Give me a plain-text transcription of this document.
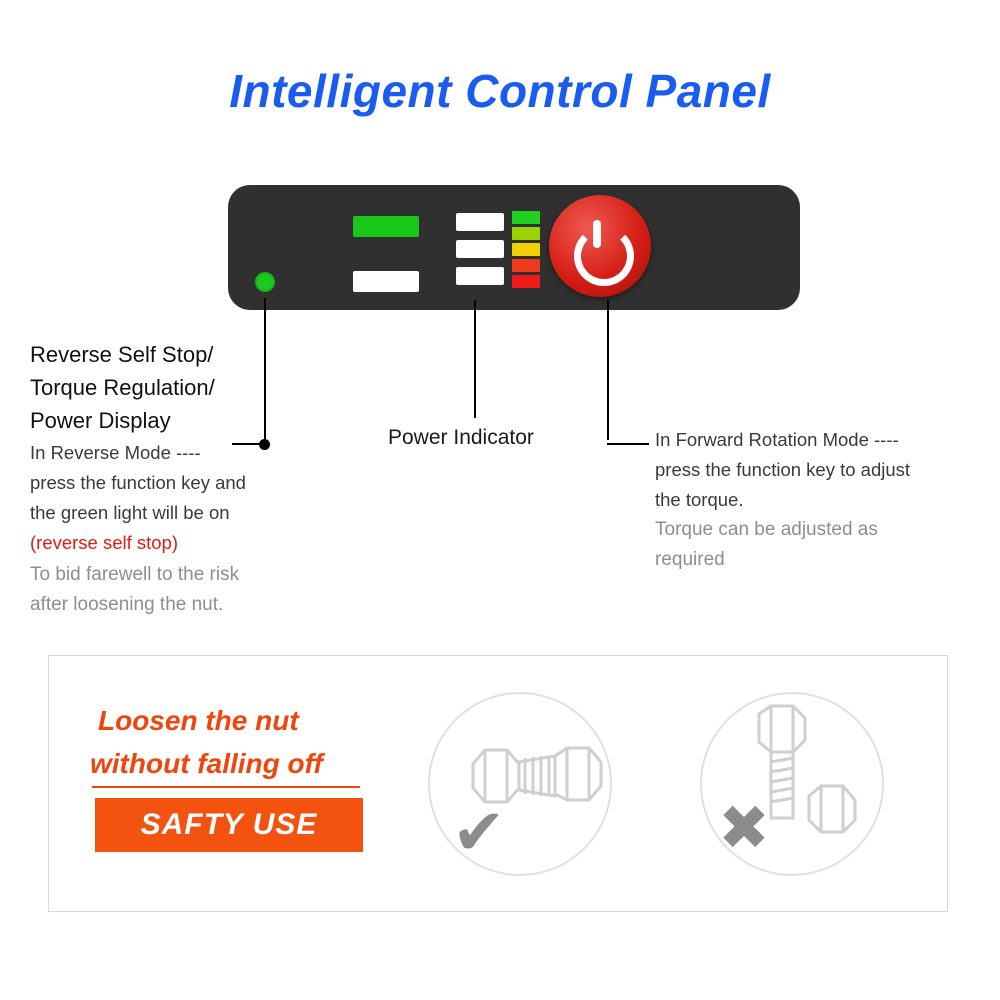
Intelligent Control Panel
Reverse Self Stop/
Torque Regulation/
Power Display
In Reverse Mode ----
press the function key and
the green light will be on
(reverse self stop)
To bid farewell to the risk
after loosening the nut.
Power Indicator	In Forward Rotation Mode ----
press the function key to adjust
the torque.
Torque can be adjusted as
required
Loosen the nut
without falling off
SAFTY USE	✔	✖
